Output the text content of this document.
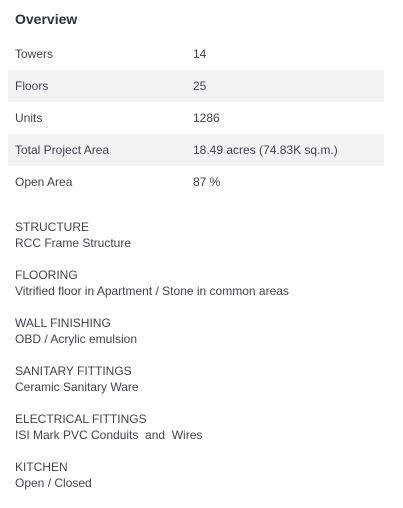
Overview
Towers	14
Floors	25
Units	1286
Total Project Area	18.49 acres (74.83K sq.m.)
Open Area	87 %
STRUCTURE
RCC Frame Structure
FLOORING
Vitrified floor in Apartment / Stone in common areas
WALL FINISHING
OBD / Acrylic emulsion
SANITARY FITTINGS
Ceramic Sanitary Ware
ELECTRICAL FITTINGS
ISI Mark PVC Conduits  and  Wires
KITCHEN
Open / Closed
